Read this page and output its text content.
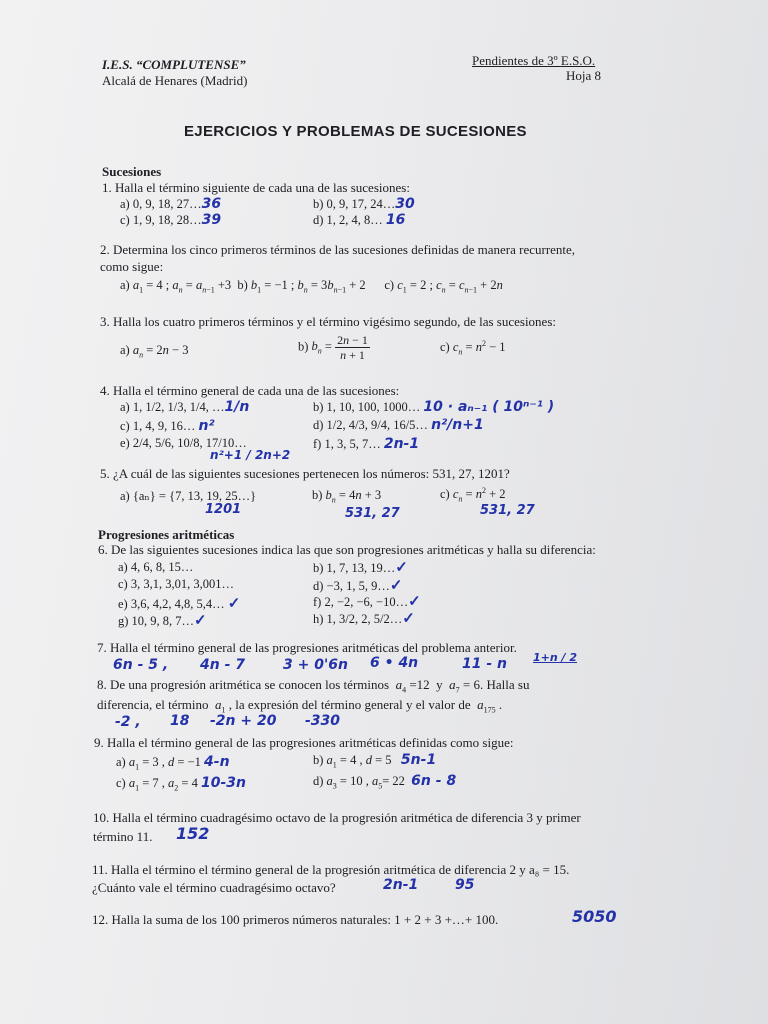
I.E.S. “COMPLUTENSE”
Alcalá de Henares (Madrid)
Pendientes de 3º E.S.O.
Hoja 8
EJERCICIOS Y PROBLEMAS DE SUCESIONES
Sucesiones
1. Halla el término siguiente de cada una de las sucesiones:
a) 0, 9, 18, 27…36	b) 0, 9, 17, 24…30
c) 1, 9, 18, 28…39	d) 1, 2, 4, 8… 16
2. Determina los cinco primeros términos de las sucesiones definidas de manera recurrente,
como sigue:
a) $a_1 = 4$ ; $a_n = a_{n-1} +3$  b) $b_1 = -1$ ; $b_n = 3b_{n-1} + 2$      c) $c_1 = 2$ ; $c_n = c_{n-1} + 2n$
3. Halla los cuatro primeros términos y el término vigésimo segundo, de las sucesiones:
a) $a_n = 2n - 3$	b) $b_n = \frac{2n - 1}{n + 1}$	c) $c_n = n^2 - 1$
4. Halla el término general de cada una de las sucesiones:
a) 1, 1/2, 1/3, 1/4, …1/n	b) 1, 10, 100, 1000… 10 · aₙ₋₁ ( 10ⁿ⁻¹ )
c) 1, 4, 9, 16… n²	d) 1/2, 4/3, 9/4, 16/5… n²/n+1
e) 2/4, 5/6, 10/8, 17/10…
n²+1 / 2n+2
f) 1, 3, 5, 7… 2n-1
5. ¿A cuál de las siguientes sucesiones pertenecen los números: 531, 27, 1201?
a) {aₙ} = {7, 13, 19, 25…}
1201
b) $b_n = 4n + 3$
531, 27
c) $c_n = n^2 + 2$
531, 27
Progresiones aritméticas
6. De las siguientes sucesiones indica las que son progresiones aritméticas y halla su diferencia:
a) 4, 6, 8, 15…	b) 1, 7, 13, 19…✓
c) 3, 3,1, 3,01, 3,001…	d) −3, 1, 5, 9…✓
e) 3,6, 4,2, 4,8, 5,4… ✓	f) 2, −2, −6, −10…✓
g) 10, 9, 8, 7…✓	h) 1, 3/2, 2, 5/2…✓
7. Halla el término general de las progresiones aritméticas del problema anterior.
6n - 5 , 4n - 7	3 + 0'6n 6 • 4n	11 - n 1+n / 2
8. De una progresión aritmética se conocen los términos $a_4 =12$  y  $a_7 = 6$. Halla su
diferencia, el término $a_1$ , la expresión del término general y el valor de $a_{175}$ .
-2 , 18 -2n + 20 -330
9. Halla el término general de las progresiones aritméticas definidas como sigue:
a) $a_1 = 3$ , d = −1 4-n	b) $a_1 = 4$ , d = 5   5n-1
c) $a_1 = 7$ , $a_2 = 4$ 10-3n	d) $a_3 = 10$ , $a_5= 22$  6n - 8
10. Halla el término cuadragésimo octavo de la progresión aritmética de diferencia 3 y primer
término 11. 152
11. Halla el término el término general de la progresión aritmética de diferencia 2 y a₈ = 15.
¿Cuánto vale el término cuadragésimo octavo?	2n-1	95
12. Halla la suma de los 100 primeros números naturales: 1 + 2 + 3 +…+ 100.	5050
